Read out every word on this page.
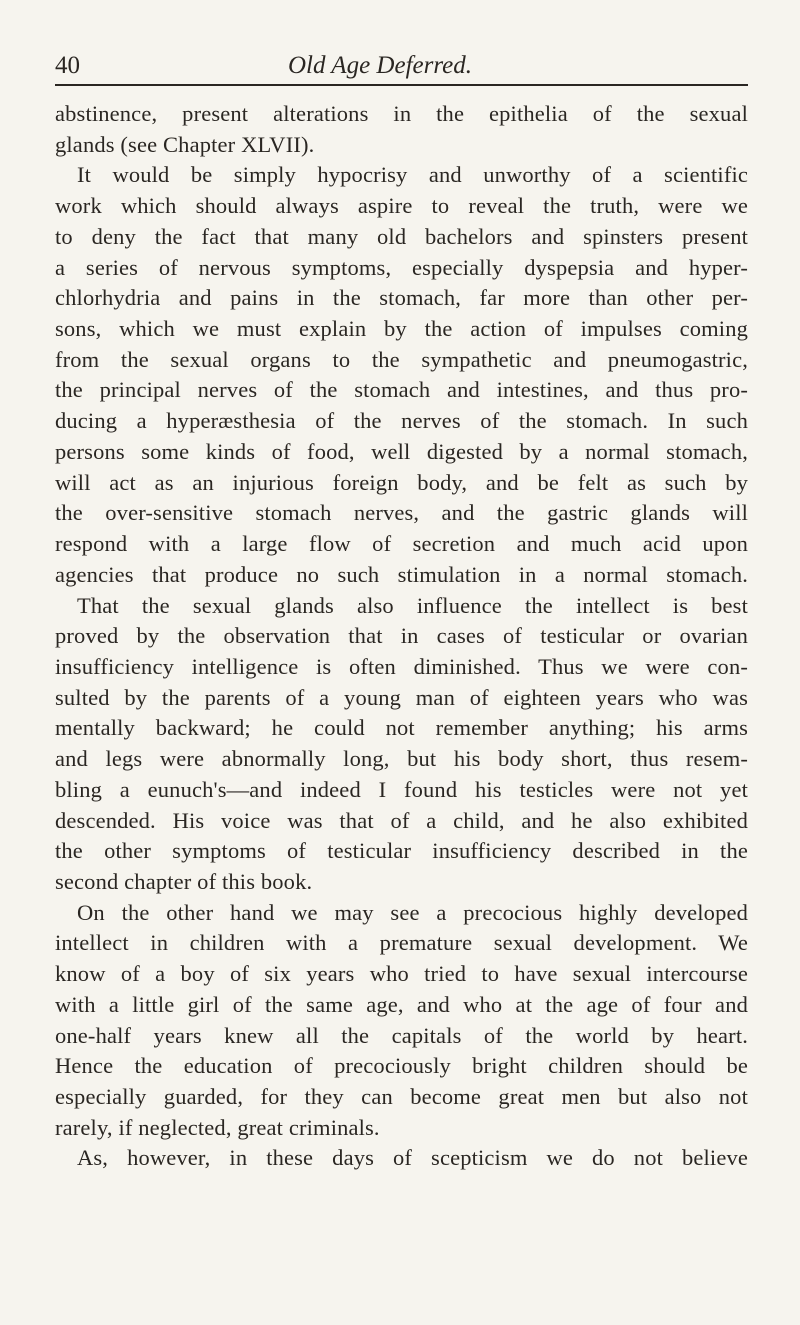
40	Old Age Deferred.
abstinence, present alterations in the epithelia of the sexual
glands (see Chapter XLVII).
It would be simply hypocrisy and unworthy of a scientific
work which should always aspire to reveal the truth, were we
to deny the fact that many old bachelors and spinsters present
a series of nervous symptoms, especially dyspepsia and hyper-
chlorhydria and pains in the stomach, far more than other per-
sons, which we must explain by the action of impulses coming
from the sexual organs to the sympathetic and pneumogastric,
the principal nerves of the stomach and intestines, and thus pro-
ducing a hyperæsthesia of the nerves of the stomach. In such
persons some kinds of food, well digested by a normal stomach,
will act as an injurious foreign body, and be felt as such by
the over-sensitive stomach nerves, and the gastric glands will
respond with a large flow of secretion and much acid upon
agencies that produce no such stimulation in a normal stomach.
That the sexual glands also influence the intellect is best
proved by the observation that in cases of testicular or ovarian
insufficiency intelligence is often diminished. Thus we were con-
sulted by the parents of a young man of eighteen years who was
mentally backward; he could not remember anything; his arms
and legs were abnormally long, but his body short, thus resem-
bling a eunuch's—and indeed I found his testicles were not yet
descended. His voice was that of a child, and he also exhibited
the other symptoms of testicular insufficiency described in the
second chapter of this book.
On the other hand we may see a precocious highly developed
intellect in children with a premature sexual development. We
know of a boy of six years who tried to have sexual intercourse
with a little girl of the same age, and who at the age of four and
one-half years knew all the capitals of the world by heart.
Hence the education of precociously bright children should be
especially guarded, for they can become great men but also not
rarely, if neglected, great criminals.
As, however, in these days of scepticism we do not believe
